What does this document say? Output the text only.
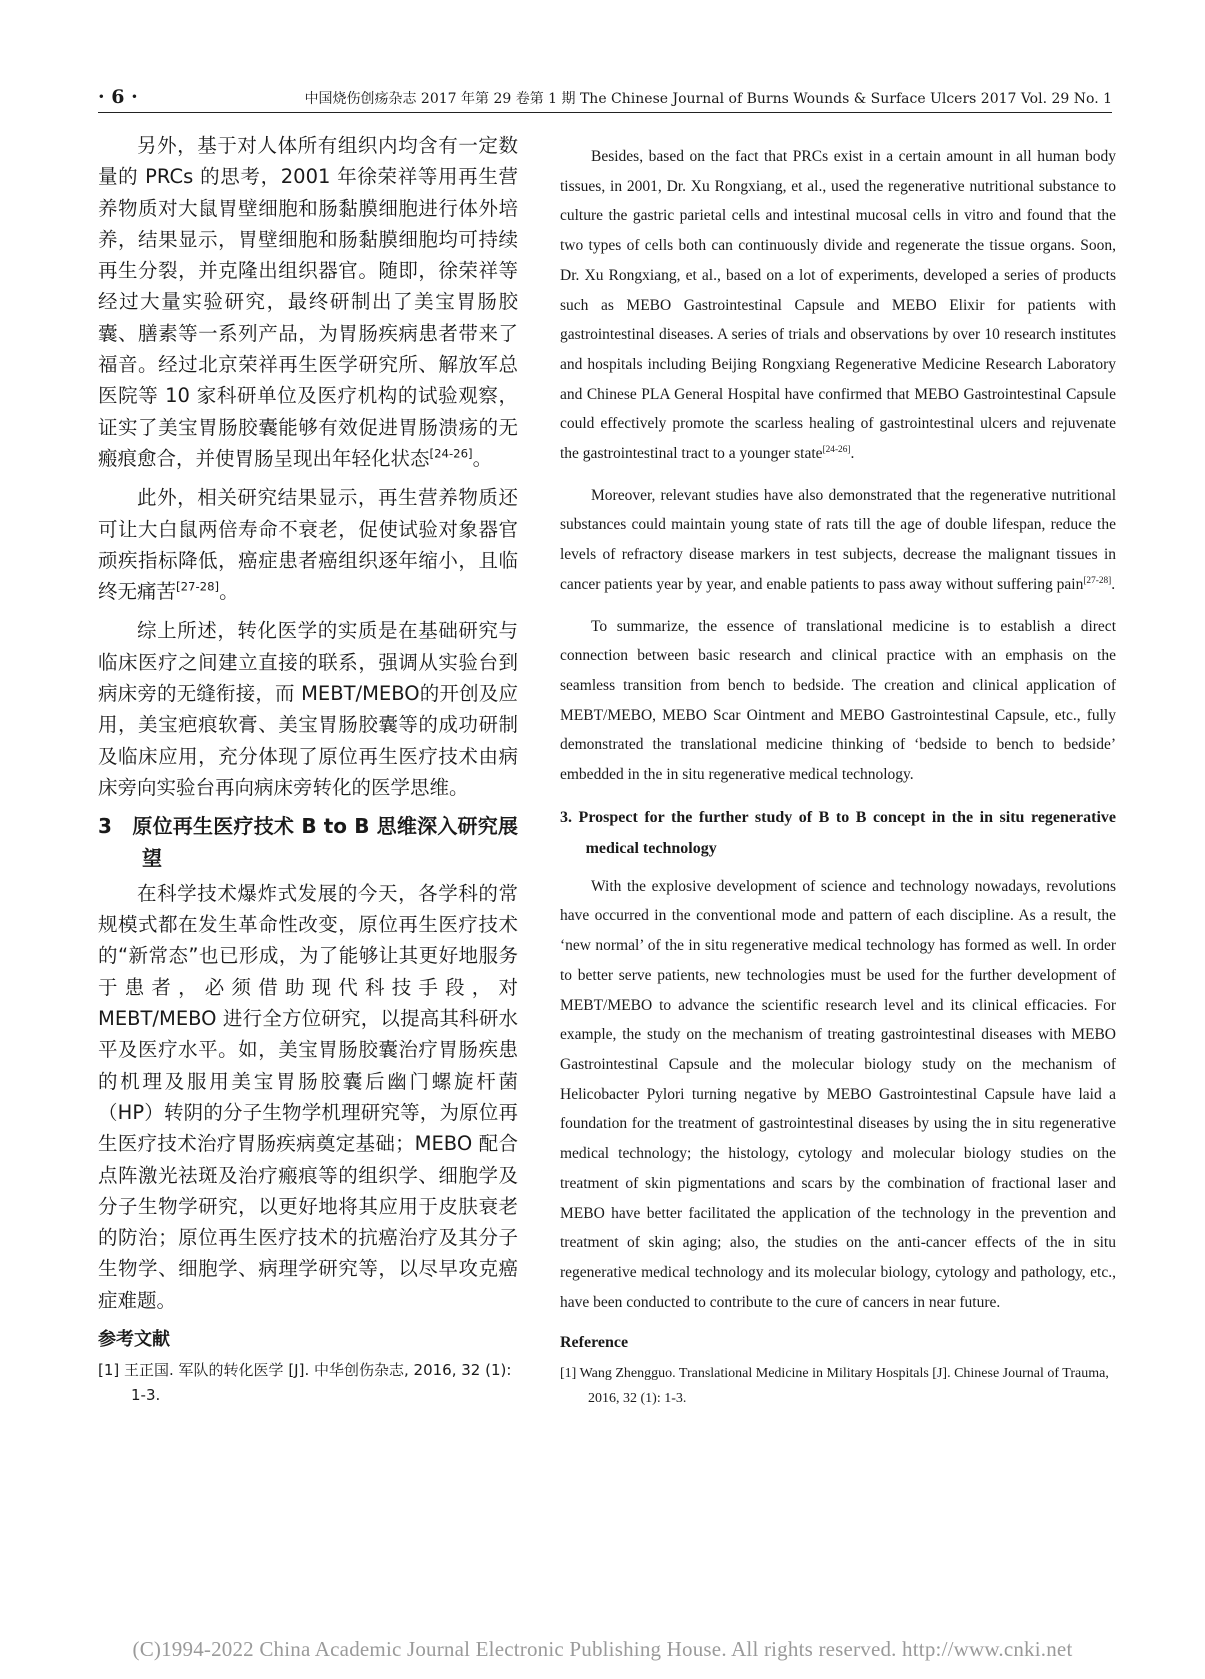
· 6 ·	中国烧伤创疡杂志 2017 年第 29 卷第 1 期 The Chinese Journal of Burns Wounds & Surface Ulcers 2017 Vol. 29 No. 1

另外，基于对人体所有组织内均含有一定数量的 PRCs 的思考，2001 年徐荣祥等用再生营养物质对大鼠胃壁细胞和肠黏膜细胞进行体外培养，结果显示，胃壁细胞和肠黏膜细胞均可持续再生分裂，并克隆出组织器官。随即，徐荣祥等经过大量实验研究，最终研制出了美宝胃肠胶囊、膳素等一系列产品，为胃肠疾病患者带来了福音。经过北京荣祥再生医学研究所、解放军总医院等 10 家科研单位及医疗机构的试验观察，证实了美宝胃肠胶囊能够有效促进胃肠溃疡的无瘢痕愈合，并使胃肠呈现出年轻化状态[24-26]。

此外，相关研究结果显示，再生营养物质还可让大白鼠两倍寿命不衰老，促使试验对象器官顽疾指标降低，癌症患者癌组织逐年缩小，且临终无痛苦[27-28]。

综上所述，转化医学的实质是在基础研究与临床医疗之间建立直接的联系，强调从实验台到病床旁的无缝衔接，而 MEBT/MEBO的开创及应用，美宝疤痕软膏、美宝胃肠胶囊等的成功研制及临床应用，充分体现了原位再生医疗技术由病床旁向实验台再向病床旁转化的医学思维。

3　原位再生医疗技术 B to B 思维深入研究展望

在科学技术爆炸式发展的今天，各学科的常规模式都在发生革命性改变，原位再生医疗技术的“新常态”也已形成，为了能够让其更好地服务于患者，必须借助现代科技手段，对 MEBT/MEBO 进行全方位研究，以提高其科研水平及医疗水平。如，美宝胃肠胶囊治疗胃肠疾患的机理及服用美宝胃肠胶囊后幽门螺旋杆菌（HP）转阴的分子生物学机理研究等，为原位再生医疗技术治疗胃肠疾病奠定基础；MEBO 配合点阵激光祛斑及治疗瘢痕等的组织学、细胞学及分子生物学研究，以更好地将其应用于皮肤衰老的防治；原位再生医疗技术的抗癌治疗及其分子生物学、细胞学、病理学研究等，以尽早攻克癌症难题。

参考文献

[1] 王正国. 军队的转化医学 [J]. 中华创伤杂志, 2016, 32 (1): 1-3.

Besides, based on the fact that PRCs exist in a certain amount in all human body tissues, in 2001, Dr. Xu Rongxiang, et al., used the regenerative nutritional substance to culture the gastric parietal cells and intestinal mucosal cells in vitro and found that the two types of cells both can continuously divide and regenerate the tissue organs. Soon, Dr. Xu Rongxiang, et al., based on a lot of experiments, developed a series of products such as MEBO Gastrointestinal Capsule and MEBO Elixir for patients with gastrointestinal diseases. A series of trials and observations by over 10 research institutes and hospitals including Beijing Rongxiang Regenerative Medicine Research Laboratory and Chinese PLA General Hospital have confirmed that MEBO Gastrointestinal Capsule could effectively promote the scarless healing of gastrointestinal ulcers and rejuvenate the gastrointestinal tract to a younger state[24-26].

Moreover, relevant studies have also demonstrated that the regenerative nutritional substances could maintain young state of rats till the age of double lifespan, reduce the levels of refractory disease markers in test subjects, decrease the malignant tissues in cancer patients year by year, and enable patients to pass away without suffering pain[27-28].

To summarize, the essence of translational medicine is to establish a direct connection between basic research and clinical practice with an emphasis on the seamless transition from bench to bedside. The creation and clinical application of MEBT/MEBO, MEBO Scar Ointment and MEBO Gastrointestinal Capsule, etc., fully demonstrated the translational medicine thinking of ‘bedside to bench to bedside’ embedded in the in situ regenerative medical technology.

3. Prospect for the further study of B to B concept in the in situ regenerative medical technology

With the explosive development of science and technology nowadays, revolutions have occurred in the conventional mode and pattern of each discipline. As a result, the ‘new normal’ of the in situ regenerative medical technology has formed as well. In order to better serve patients, new technologies must be used for the further development of MEBT/MEBO to advance the scientific research level and its clinical efficacies. For example, the study on the mechanism of treating gastrointestinal diseases with MEBO Gastrointestinal Capsule and the molecular biology study on the mechanism of Helicobacter Pylori turning negative by MEBO Gastrointestinal Capsule have laid a foundation for the treatment of gastrointestinal diseases by using the in situ regenerative medical technology; the histology, cytology and molecular biology studies on the treatment of skin pigmentations and scars by the combination of fractional laser and MEBO have better facilitated the application of the technology in the prevention and treatment of skin aging; also, the studies on the anti-cancer effects of the in situ regenerative medical technology and its molecular biology, cytology and pathology, etc., have been conducted to contribute to the cure of cancers in near future.

Reference

[1] Wang Zhengguo. Translational Medicine in Military Hospitals [J]. Chinese Journal of Trauma, 2016, 32 (1): 1-3.

(C)1994-2022 China Academic Journal Electronic Publishing House. All rights reserved. http://www.cnki.net
